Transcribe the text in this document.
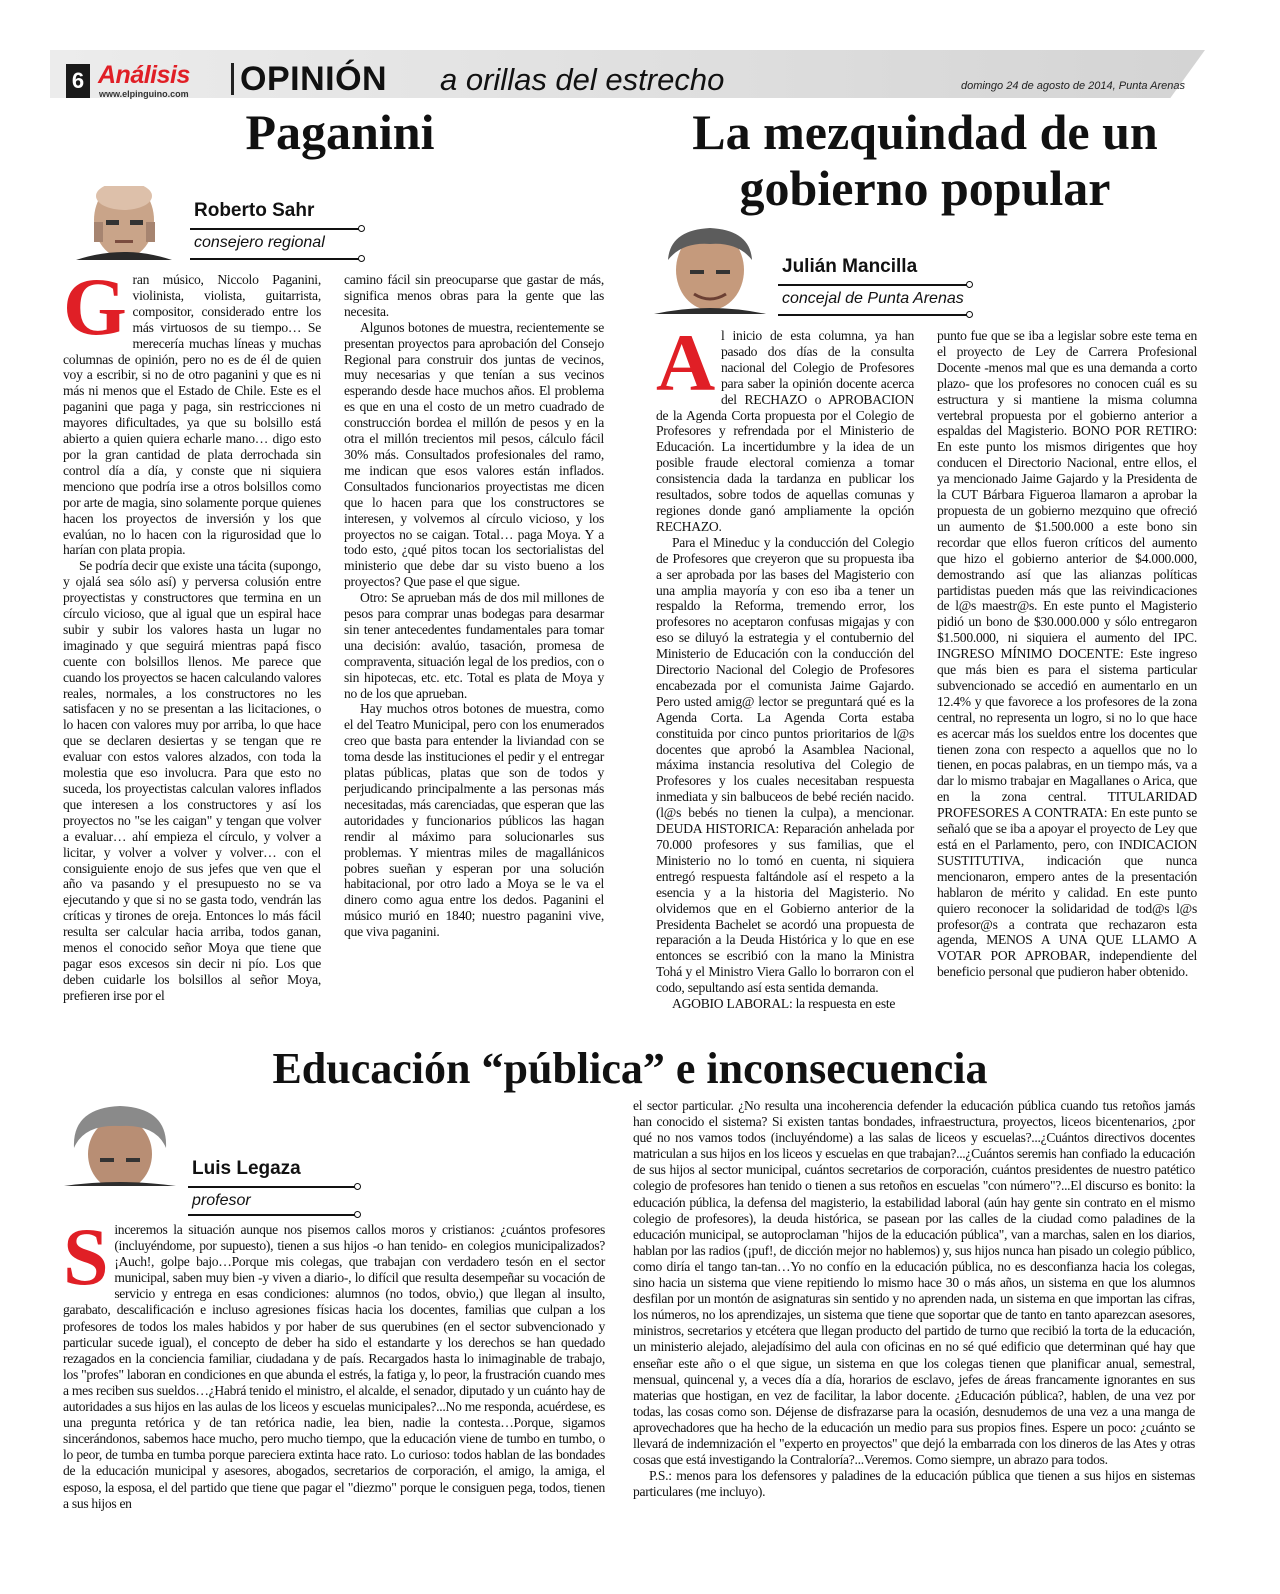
6 Análisis
www.elpinguino.com OPINIÓN a orillas del estrecho	domingo 24 de agosto de 2014, Punta Arenas
Paganini
Roberto Sahr
consejero regional

Gran músico, Niccolo Paganini, violinista, violista, guitarrista, compositor, considerado entre los más virtuosos de su tiempo… Se merecería muchas líneas y muchas columnas de opinión, pero no es de él de quien voy a escribir, si no de otro paganini y que es ni más ni menos que el Estado de Chile. Este es el paganini que paga y paga, sin restricciones ni mayores dificultades, ya que su bolsillo está abierto a quien quiera echarle mano… digo esto por la gran cantidad de plata derrochada sin control día a día, y conste que ni siquiera menciono que podría irse a otros bolsillos como por arte de magia, sino solamente porque quienes hacen los proyectos de inversión y los que evalúan, no lo hacen con la rigurosidad que lo harían con plata propia.

Se podría decir que existe una tácita (supongo, y ojalá sea sólo así) y perversa colusión entre proyectistas y constructores que termina en un círculo vicioso, que al igual que un espiral hace subir y subir los valores hasta un lugar no imaginado y que seguirá mientras papá fisco cuente con bolsillos llenos. Me parece que cuando los proyectos se hacen calculando valores reales, normales, a los constructores no les satisfacen y no se presentan a las licitaciones, o lo hacen con valores muy por arriba, lo que hace que se declaren desiertas y se tengan que re evaluar con estos valores alzados, con toda la molestia que eso involucra. Para que esto no suceda, los proyectistas calculan valores inflados que interesen a los constructores y así los proyectos no "se les caigan" y tengan que volver a evaluar… ahí empieza el círculo, y volver a licitar, y volver a volver y volver… con el consiguiente enojo de sus jefes que ven que el año va pasando y el presupuesto no se va ejecutando y que si no se gasta todo, vendrán las críticas y tirones de oreja. Entonces lo más fácil resulta ser calcular hacia arriba, todos ganan, menos el conocido señor Moya que tiene que pagar esos excesos sin decir ni pío. Los que deben cuidarle los bolsillos al señor Moya, prefieren irse por el

camino fácil sin preocuparse que gastar de más, significa menos obras para la gente que las necesita.

Algunos botones de muestra, recientemente se presentan proyectos para aprobación del Consejo Regional para construir dos juntas de vecinos, muy necesarias y que tenían a sus vecinos esperando desde hace muchos años. El problema es que en una el costo de un metro cuadrado de construcción bordea el millón de pesos y en la otra el millón trecientos mil pesos, cálculo fácil 30% más. Consultados profesionales del ramo, me indican que esos valores están inflados. Consultados funcionarios proyectistas me dicen que lo hacen para que los constructores se interesen, y volvemos al círculo vicioso, y los proyectos no se caigan. Total… paga Moya. Y a todo esto, ¿qué pitos tocan los sectorialistas del ministerio que debe dar su visto bueno a los proyectos? Que pase el que sigue.

Otro: Se aprueban más de dos mil millones de pesos para comprar unas bodegas para desarmar sin tener antecedentes fundamentales para tomar una decisión: avalúo, tasación, promesa de compraventa, situación legal de los predios, con o sin hipotecas, etc. etc. Total es plata de Moya y no de los que aprueban.

Hay muchos otros botones de muestra, como el del Teatro Municipal, pero con los enumerados creo que basta para entender la liviandad con se toma desde las instituciones el pedir y el entregar platas públicas, platas que son de todos y perjudicando principalmente a las personas más necesitadas, más carenciadas, que esperan que las autoridades y funcionarios públicos las hagan rendir al máximo para solucionarles sus problemas. Y mientras miles de magallánicos pobres sueñan y esperan por una solución habitacional, por otro lado a Moya se le va el dinero como agua entre los dedos. Paganini el músico murió en 1840; nuestro paganini vive, que viva paganini.

La mezquindad de un gobierno popular
Julián Mancilla
concejal de Punta Arenas

Al inicio de esta columna, ya han pasado dos días de la consulta nacional del Colegio de Profesores para saber la opinión docente acerca del RECHAZO o APROBACION de la Agenda Corta propuesta por el Colegio de Profesores y refrendada por el Ministerio de Educación. La incertidumbre y la idea de un posible fraude electoral comienza a tomar consistencia dada la tardanza en publicar los resultados, sobre todos de aquellas comunas y regiones donde ganó ampliamente la opción RECHAZO.

Para el Mineduc y la conducción del Colegio de Profesores que creyeron que su propuesta iba a ser aprobada por las bases del Magisterio con una amplia mayoría y con eso iba a tener un respaldo la Reforma, tremendo error, los profesores no aceptaron confusas migajas y con eso se diluyó la estrategia y el contubernio del Ministerio de Educación con la conducción del Directorio Nacional del Colegio de Profesores encabezada por el comunista Jaime Gajardo. Pero usted amig@ lector se preguntará qué es la Agenda Corta. La Agenda Corta estaba constituida por cinco puntos prioritarios de l@s docentes que aprobó la Asamblea Nacional, máxima instancia resolutiva del Colegio de Profesores y los cuales necesitaban respuesta inmediata y sin balbuceos de bebé recién nacido. (l@s bebés no tienen la culpa), a mencionar. DEUDA HISTORICA: Reparación anhelada por 70.000 profesores y sus familias, que el Ministerio no lo tomó en cuenta, ni siquiera entregó respuesta faltándole así el respeto a la esencia y a la historia del Magisterio. No olvidemos que en el Gobierno anterior de la Presidenta Bachelet se acordó una propuesta de reparación a la Deuda Histórica y lo que en ese entonces se escribió con la mano la Ministra Tohá y el Ministro Viera Gallo lo borraron con el codo, sepultando así esta sentida demanda.

AGOBIO LABORAL: la respuesta en este

punto fue que se iba a legislar sobre este tema en el proyecto de Ley de Carrera Profesional Docente -menos mal que es una demanda a corto plazo- que los profesores no conocen cuál es su estructura y si mantiene la misma columna vertebral propuesta por el gobierno anterior a espaldas del Magisterio. BONO POR RETIRO: En este punto los mismos dirigentes que hoy conducen el Directorio Nacional, entre ellos, el ya mencionado Jaime Gajardo y la Presidenta de la CUT Bárbara Figueroa llamaron a aprobar la propuesta de un gobierno mezquino que ofreció un aumento de $1.500.000 a este bono sin recordar que ellos fueron críticos del aumento que hizo el gobierno anterior de $4.000.000, demostrando así que las alianzas políticas partidistas pueden más que las reivindicaciones de l@s maestr@s. En este punto el Magisterio pidió un bono de $30.000.000 y sólo entregaron $1.500.000, ni siquiera el aumento del IPC. INGRESO MÍNIMO DOCENTE: Este ingreso que más bien es para el sistema particular subvencionado se accedió en aumentarlo en un 12.4% y que favorece a los profesores de la zona central, no representa un logro, si no lo que hace es acercar más los sueldos entre los docentes que tienen zona con respecto a aquellos que no lo tienen, en pocas palabras, en un tiempo más, va a dar lo mismo trabajar en Magallanes o Arica, que en la zona central. TITULARIDAD PROFESORES A CONTRATA: En este punto se señaló que se iba a apoyar el proyecto de Ley que está en el Parlamento, pero, con INDICACION SUSTITUTIVA, indicación que nunca mencionaron, empero antes de la presentación hablaron de mérito y calidad. En este punto quiero reconocer la solidaridad de tod@s l@s profesor@s a contrata que rechazaron esta agenda, MENOS A UNA QUE LLAMO A VOTAR POR APROBAR, independiente del beneficio personal que pudieron haber obtenido.

Educación “pública” e inconsecuencia
Luis Legaza
profesor

Sinceremos la situación aunque nos pisemos callos moros y cristianos: ¿cuántos profesores (incluyéndome, por supuesto), tienen a sus hijos -o han tenido- en colegios municipalizados? ¡Auch!, golpe bajo…Porque mis colegas, que trabajan con verdadero tesón en el sector municipal, saben muy bien -y viven a diario-, lo difícil que resulta desempeñar su vocación de servicio y entrega en esas condiciones: alumnos (no todos, obvio,) que llegan al insulto, garabato, descalificación e incluso agresiones físicas hacia los docentes, familias que culpan a los profesores de todos los males habidos y por haber de sus querubines (en el sector subvencionado y particular sucede igual), el concepto de deber ha sido el estandarte y los derechos se han quedado rezagados en la conciencia familiar, ciudadana y de país. Recargados hasta lo inimaginable de trabajo, los "profes" laboran en condiciones en que abunda el estrés, la fatiga y, lo peor, la frustración cuando mes a mes reciben sus sueldos…¿Habrá tenido el ministro, el alcalde, el senador, diputado y un cuánto hay de autoridades a sus hijos en las aulas de los liceos y escuelas municipales?...No me responda, acuérdese, es una pregunta retórica y de tan retórica nadie, lea bien, nadie la contesta…Porque, sigamos sincerándonos, sabemos hace mucho, pero mucho tiempo, que la educación viene de tumbo en tumbo, o lo peor, de tumba en tumba porque pareciera extinta hace rato. Lo curioso: todos hablan de las bondades de la educación municipal y asesores, abogados, secretarios de corporación, el amigo, la amiga, el esposo, la esposa, el del partido que tiene que pagar el "diezmo" porque le consiguen pega, todos, tienen a sus hijos en

el sector particular. ¿No resulta una incoherencia defender la educación pública cuando tus retoños jamás han conocido el sistema? Si existen tantas bondades, infraestructura, proyectos, liceos bicentenarios, ¿por qué no nos vamos todos (incluyéndome) a las salas de liceos y escuelas?...¿Cuántos directivos docentes matriculan a sus hijos en los liceos y escuelas en que trabajan?...¿Cuántos seremis han confiado la educación de sus hijos al sector municipal, cuántos secretarios de corporación, cuántos presidentes de nuestro patético colegio de profesores han tenido o tienen a sus retoños en escuelas "con número"?...El discurso es bonito: la educación pública, la defensa del magisterio, la estabilidad laboral (aún hay gente sin contrato en el mismo colegio de profesores), la deuda histórica, se pasean por las calles de la ciudad como paladines de la educación municipal, se autoproclaman "hijos de la educación pública", van a marchas, salen en los diarios, hablan por las radios (¡puf!, de dicción mejor no hablemos) y, sus hijos nunca han pisado un colegio público, como diría el tango tan-tan…Yo no confío en la educación pública, no es desconfianza hacia los colegas, sino hacia un sistema que viene repitiendo lo mismo hace 30 o más años, un sistema en que los alumnos desfilan por un montón de asignaturas sin sentido y no aprenden nada, un sistema en que importan las cifras, los números, no los aprendizajes, un sistema que tiene que soportar que de tanto en tanto aparezcan asesores, ministros, secretarios y etcétera que llegan producto del partido de turno que recibió la torta de la educación, un ministerio alejado, alejadísimo del aula con oficinas en no sé qué edificio que determinan qué hay que enseñar este año o el que sigue, un sistema en que los colegas tienen que planificar anual, semestral, mensual, quincenal y, a veces día a día, horarios de esclavo, jefes de áreas francamente ignorantes en sus materias que hostigan, en vez de facilitar, la labor docente. ¿Educación pública?, hablen, de una vez por todas, las cosas como son. Déjense de disfrazarse para la ocasión, desnudemos de una vez a una manga de aprovechadores que ha hecho de la educación un medio para sus propios fines. Espere un poco: ¿cuánto se llevará de indemnización el "experto en proyectos" que dejó la embarrada con los dineros de las Ates y otras cosas que está investigando la Contraloría?...Veremos. Como siempre, un abrazo para todos.

P.S.: menos para los defensores y paladines de la educación pública que tienen a sus hijos en sistemas particulares (me incluyo).
